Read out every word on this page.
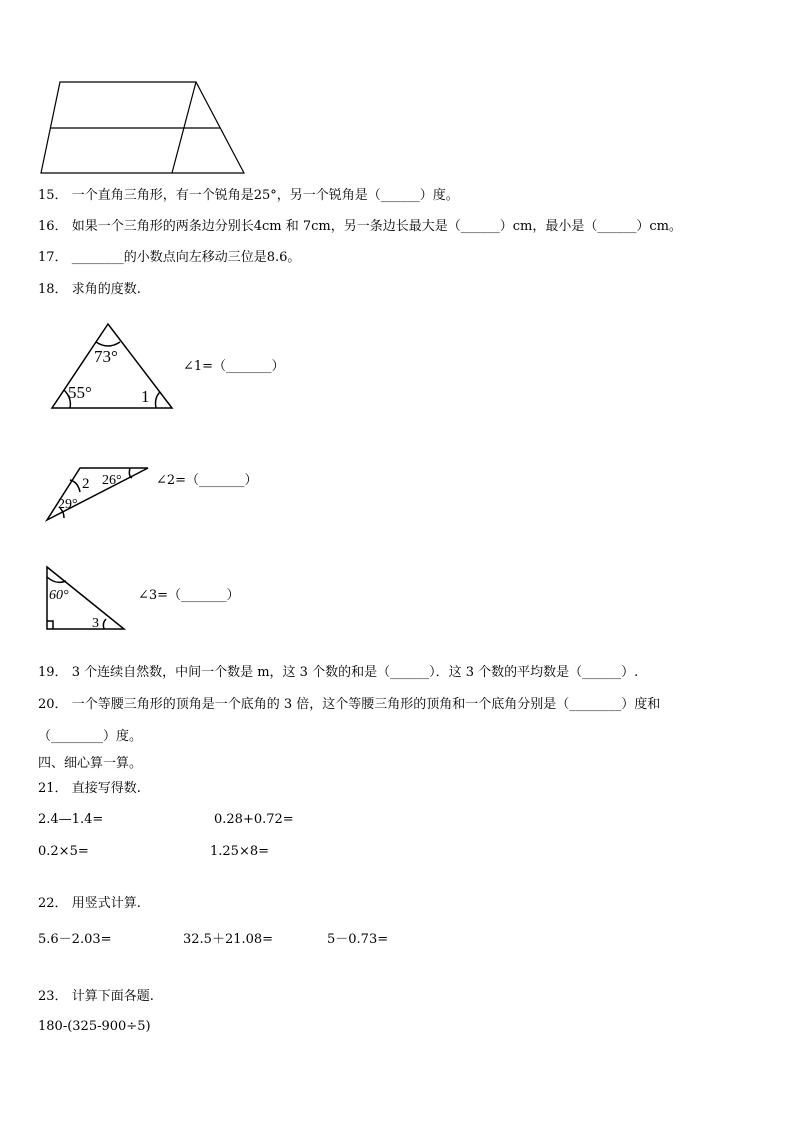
15． 一个直角三角形，有一个锐角是25°，另一个锐角是（______）度。
16． 如果一个三角形的两条边分别长4cm 和 7cm，另一条边长最大是（______）cm，最小是（______）cm。
17． ________的小数点向左移动三位是8.6。
18． 求角的度数.
73°
55°	1
∠1=（_______）
2 26°
29°
∠2=（_______）
60°
3
∠3=（_______）
19． 3 个连续自然数，中间一个数是 m，这 3 个数的和是（______）．这 3 个数的平均数是（______）.
20． 一个等腰三角形的顶角是一个底角的 3 倍，这个等腰三角形的顶角和一个底角分别是（________）度和
（________）度。
四、细心算一算。
21． 直接写得数.
2.4—1.4=	0.28+0.72=
0.2×5=	1.25×8=
22． 用竖式计算.
5.6－2.03=	32.5＋21.08=	5－0.73=
23． 计算下面各题.
180-(325-900÷5)
